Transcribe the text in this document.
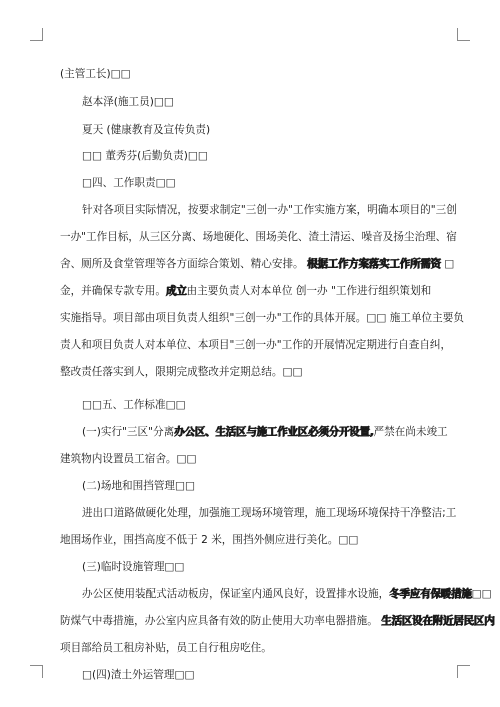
(主管工长)□□
赵本泽(施工员)□□
夏天 (健康教育及宣传负责)
□□ 董秀芬(后勤负责)□□
□四、工作职责□□
针对各项目实际情况，按要求制定"三创一办"工作实施方案，明确本项目的"三创
一办"工作目标，从三区分离、场地硬化、围场美化、渣土清运、噪音及扬尘治理、宿
舍、厕所及食堂管理等各方面综合策划、精心安排。 根据工作方案落实工作所需资 □
金，并确保专款专用。成立由主要负责人对本单位 创一办 "工作进行组织策划和
实施指导。项目部由项目负责人组织"三创一办"工作的具体开展。□□ 施工单位主要负
责人和项目负责人对本单位、本项目"三创一办"工作的开展情况定期进行自查自纠，
整改责任落实到人，限期完成整改并定期总结。□□
□□五、工作标准□□
(一)实行"三区"分离办公区、生活区与施工作业区必须分开设置,严禁在尚未竣工
建筑物内设置员工宿舍。□□
(二)场地和围挡管理□□
进出口道路做硬化处理，加强施工现场环境管理，施工现场环境保持干净整洁;工
地围场作业，围挡高度不低于 2 米，围挡外侧应进行美化。□□
(三)临时设施管理□□
办公区使用装配式活动板房，保证室内通风良好，设置排水设施，冬季应有保暖措施□□
防煤气中毒措施，办公室内应具备有效的防止使用大功率电器措施。 生活区设在附近居民区内
项目部给员工租房补贴，员工自行租房吃住。
□(四)渣土外运管理□□
